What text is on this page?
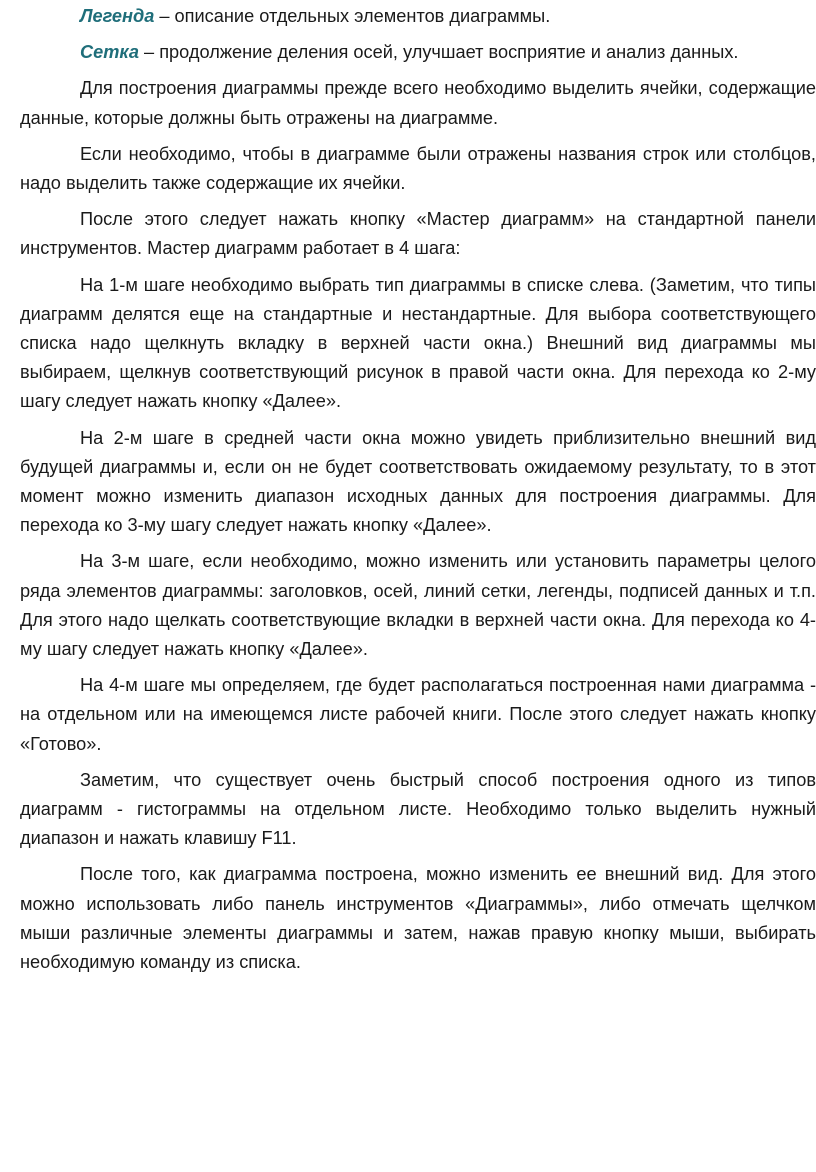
Легенда – описание отдельных элементов диаграммы.

Сетка – продолжение деления осей, улучшает восприятие и анализ данных.

Для построения диаграммы прежде всего необходимо выделить ячейки, содержащие данные, которые должны быть отражены на диаграмме.

Если необходимо, чтобы в диаграмме были отражены названия строк или столбцов, надо выделить также содержащие их ячейки.

После этого следует нажать кнопку «Мастер диаграмм» на стандартной панели инструментов. Мастер диаграмм работает в 4 шага:

На 1-м шаге необходимо выбрать тип диаграммы в списке слева. (Заметим, что типы диаграмм делятся еще на стандартные и нестандартные. Для выбора соответствующего списка надо щелкнуть вкладку в верхней части окна.) Внешний вид диаграммы мы выбираем, щелкнув соответствующий рисунок в правой части окна. Для перехода ко 2-му шагу следует нажать кнопку «Далее».

На 2-м шаге в средней части окна можно увидеть приблизительно внешний вид будущей диаграммы и, если он не будет соответствовать ожидаемому результату, то в этот момент можно изменить диапазон исходных данных для построения диаграммы. Для перехода ко 3-му шагу следует нажать кнопку «Далее».

На 3-м шаге, если необходимо, можно изменить или установить параметры целого ряда элементов диаграммы: заголовков, осей, линий сетки, легенды, подписей данных и т.п. Для этого надо щелкать соответствующие вкладки в верхней части окна. Для перехода ко 4-му шагу следует нажать кнопку «Далее».

На 4-м шаге мы определяем, где будет располагаться построенная нами диаграмма - на отдельном или на имеющемся листе рабочей книги. После этого следует нажать кнопку «Готово».

Заметим, что существует очень быстрый способ построения одного из типов диаграмм - гистограммы на отдельном листе. Необходимо только выделить нужный диапазон и нажать клавишу F11.

После того, как диаграмма построена, можно изменить ее внешний вид. Для этого можно использовать либо панель инструментов «Диаграммы», либо отмечать щелчком мыши различные элементы диаграммы и затем, нажав правую кнопку мыши, выбирать необходимую команду из списка.
